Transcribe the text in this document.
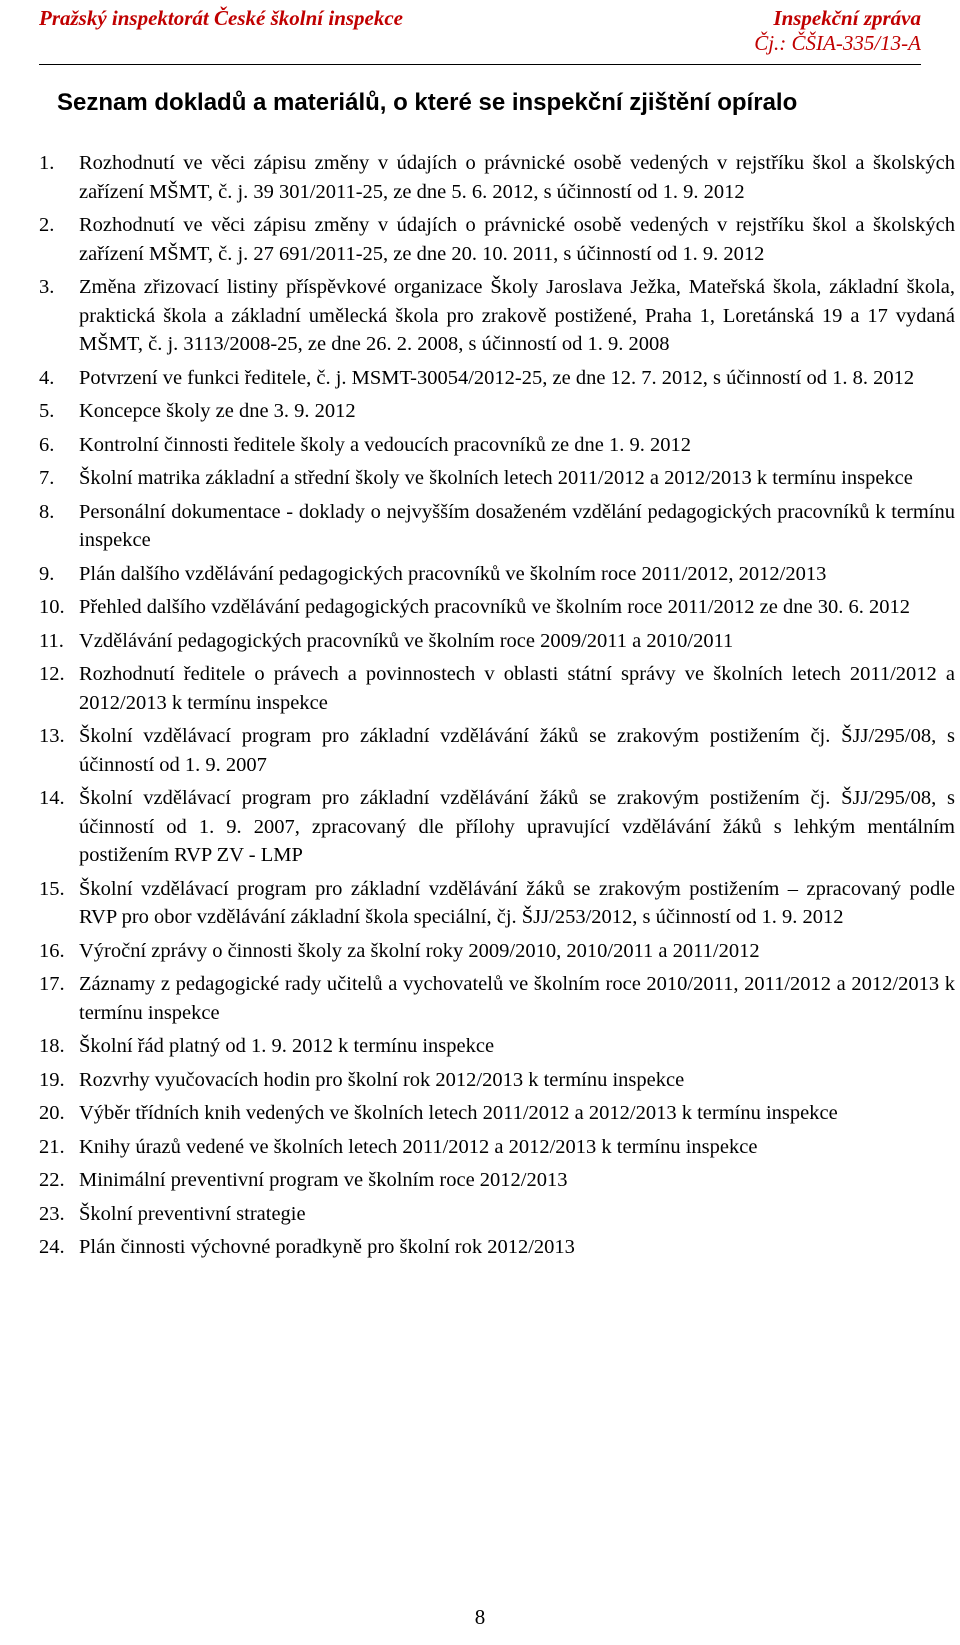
Pražský inspektorát České školní inspekce	Inspekční zpráva
Čj.: ČŠIA-335/13-A
Seznam dokladů a materiálů, o které se inspekční zjištění opíralo
1. Rozhodnutí ve věci zápisu změny v údajích o právnické osobě vedených v rejstříku škol a školských zařízení MŠMT, č. j. 39 301/2011-25, ze dne 5. 6. 2012, s účinností od 1. 9. 2012
2. Rozhodnutí ve věci zápisu změny v údajích o právnické osobě vedených v rejstříku škol a školských zařízení MŠMT, č. j. 27 691/2011-25, ze dne 20. 10. 2011, s účinností od 1. 9. 2012
3. Změna zřizovací listiny příspěvkové organizace Školy Jaroslava Ježka, Mateřská škola, základní škola, praktická škola a základní umělecká škola pro zrakově postižené, Praha 1, Loretánská 19 a 17 vydaná MŠMT, č. j. 3113/2008-25, ze dne 26. 2. 2008, s účinností od 1. 9. 2008
4. Potvrzení ve funkci ředitele, č. j. MSMT-30054/2012-25, ze dne 12. 7. 2012, s účinností od 1. 8. 2012
5. Koncepce školy ze dne 3. 9. 2012
6. Kontrolní činnosti ředitele školy a vedoucích pracovníků ze dne 1. 9. 2012
7. Školní matrika základní a střední školy ve školních letech 2011/2012 a 2012/2013 k termínu inspekce
8. Personální dokumentace - doklady o nejvyšším dosaženém vzdělání pedagogických pracovníků k termínu inspekce
9. Plán dalšího vzdělávání pedagogických pracovníků ve školním roce 2011/2012, 2012/2013
10. Přehled dalšího vzdělávání pedagogických pracovníků ve školním roce 2011/2012 ze dne 30. 6. 2012
11. Vzdělávání pedagogických pracovníků ve školním roce 2009/2011 a 2010/2011
12. Rozhodnutí ředitele o právech a povinnostech v oblasti státní správy ve školních letech 2011/2012 a 2012/2013 k termínu inspekce
13. Školní vzdělávací program pro základní vzdělávání žáků se zrakovým postižením čj. ŠJJ/295/08, s účinností od 1. 9. 2007
14. Školní vzdělávací program pro základní vzdělávání žáků se zrakovým postižením čj. ŠJJ/295/08, s účinností od 1. 9. 2007, zpracovaný dle přílohy upravující vzdělávání žáků s lehkým mentálním postižením RVP ZV - LMP
15. Školní vzdělávací program pro základní vzdělávání žáků se zrakovým postižením – zpracovaný podle RVP pro obor vzdělávání základní škola speciální, čj. ŠJJ/253/2012, s účinností od 1. 9. 2012
16. Výroční zprávy o činnosti školy za školní roky 2009/2010, 2010/2011 a 2011/2012
17. Záznamy z pedagogické rady učitelů a vychovatelů ve školním roce 2010/2011, 2011/2012 a 2012/2013 k termínu inspekce
18. Školní řád platný od 1. 9. 2012 k termínu inspekce
19. Rozvrhy vyučovacích hodin pro školní rok 2012/2013 k termínu inspekce
20. Výběr třídních knih vedených ve školních letech 2011/2012 a 2012/2013 k termínu inspekce
21. Knihy úrazů vedené ve školních letech 2011/2012 a 2012/2013 k termínu inspekce
22. Minimální preventivní program ve školním roce 2012/2013
23. Školní preventivní strategie
24. Plán činnosti výchovné poradkyně pro školní rok 2012/2013
8
